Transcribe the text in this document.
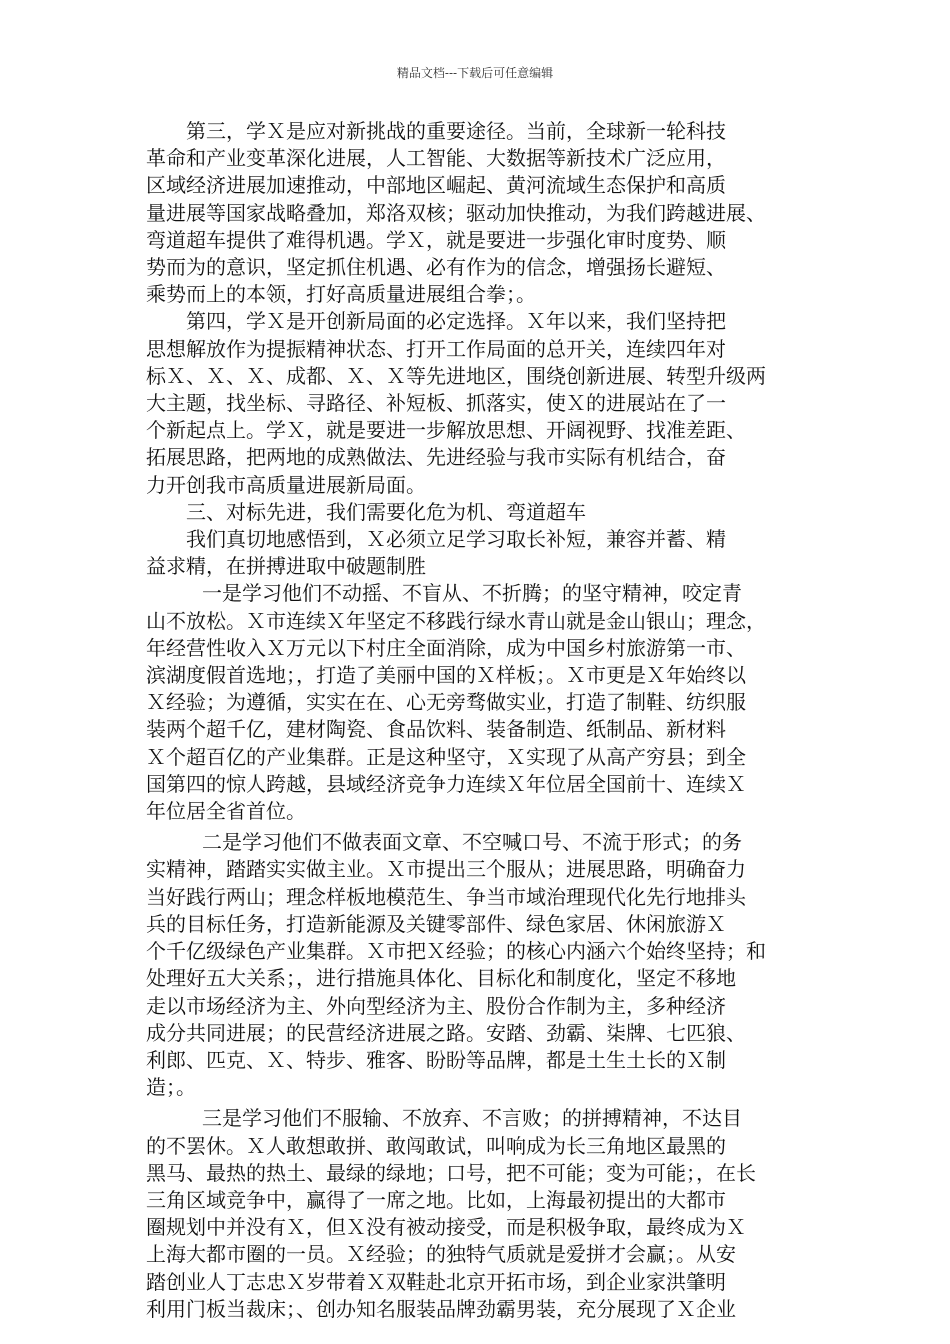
精品文档---下载后可任意编辑
第三，学Ｘ是应对新挑战的重要途径。当前，全球新一轮科技
革命和产业变革深化进展，人工智能、大数据等新技术广泛应用，
区域经济进展加速推动，中部地区崛起、黄河流域生态保护和高质
量进展等国家战略叠加，郑洛双核；驱动加快推动，为我们跨越进展、
弯道超车提供了难得机遇。学Ｘ，就是要进一步强化审时度势、顺
势而为的意识，坚定抓住机遇、必有作为的信念，增强扬长避短、
乘势而上的本领，打好高质量进展组合拳；。
第四，学Ｘ是开创新局面的必定选择。Ｘ年以来，我们坚持把
思想解放作为提振精神状态、打开工作局面的总开关，连续四年对
标Ｘ、Ｘ、Ｘ、成都、Ｘ、Ｘ等先进地区，围绕创新进展、转型升级两
大主题，找坐标、寻路径、补短板、抓落实，使Ｘ的进展站在了一
个新起点上。学Ｘ，就是要进一步解放思想、开阔视野、找准差距、
拓展思路，把两地的成熟做法、先进经验与我市实际有机结合，奋
力开创我市高质量进展新局面。
三、对标先进，我们需要化危为机、弯道超车
我们真切地感悟到，Ｘ必须立足学习取长补短，兼容并蓄、精
益求精，在拼搏进取中破题制胜
一是学习他们不动摇、不盲从、不折腾；的坚守精神，咬定青
山不放松。Ｘ市连续Ｘ年坚定不移践行绿水青山就是金山银山；理念，
年经营性收入Ｘ万元以下村庄全面消除，成为中国乡村旅游第一市、
滨湖度假首选地；，打造了美丽中国的Ｘ样板；。Ｘ市更是Ｘ年始终以
Ｘ经验；为遵循，实实在在、心无旁骛做实业，打造了制鞋、纺织服
装两个超千亿，建材陶瓷、食品饮料、装备制造、纸制品、新材料
Ｘ个超百亿的产业集群。正是这种坚守，Ｘ实现了从高产穷县；到全
国第四的惊人跨越，县域经济竞争力连续Ｘ年位居全国前十、连续Ｘ
年位居全省首位。
二是学习他们不做表面文章、不空喊口号、不流于形式；的务
实精神，踏踏实实做主业。Ｘ市提出三个服从；进展思路，明确奋力
当好践行两山；理念样板地模范生、争当市域治理现代化先行地排头
兵的目标任务，打造新能源及关键零部件、绿色家居、休闲旅游Ｘ
个千亿级绿色产业集群。Ｘ市把Ｘ经验；的核心内涵六个始终坚持；和
处理好五大关系；，进行措施具体化、目标化和制度化，坚定不移地
走以市场经济为主、外向型经济为主、股份合作制为主，多种经济
成分共同进展；的民营经济进展之路。安踏、劲霸、柒牌、七匹狼、
利郎、匹克、Ｘ、特步、雅客、盼盼等品牌，都是土生土长的Ｘ制
造；。
三是学习他们不服输、不放弃、不言败；的拼搏精神，不达目
的不罢休。Ｘ人敢想敢拼、敢闯敢试，叫响成为长三角地区最黑的
黑马、最热的热土、最绿的绿地；口号，把不可能；变为可能；，在长
三角区域竞争中，赢得了一席之地。比如，上海最初提出的大都市
圈规划中并没有Ｘ，但Ｘ没有被动接受，而是积极争取，最终成为Ｘ
上海大都市圈的一员。Ｘ经验；的独特气质就是爱拼才会赢；。从安
踏创业人丁志忠Ｘ岁带着Ｘ双鞋赴北京开拓市场，到企业家洪肇明
利用门板当裁床；、创办知名服装品牌劲霸男装，充分展现了Ｘ企业
